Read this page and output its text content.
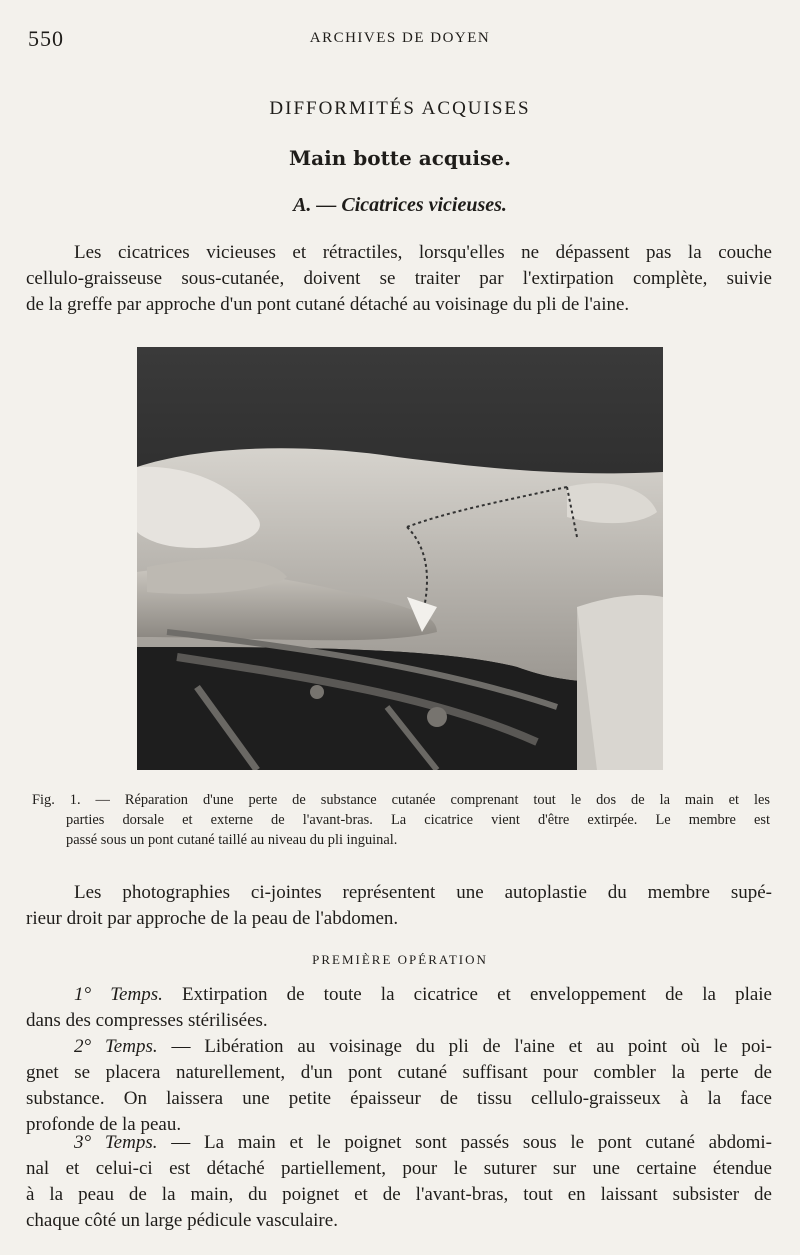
550	ARCHIVES DE DOYEN
DIFFORMITÉS ACQUISES
Main botte acquise.
A. — Cicatrices vicieuses.

Les cicatrices vicieuses et rétractiles, lorsqu'elles ne dépassent pas la couche
cellulo-graisseuse sous-cutanée, doivent se traiter par l'extirpation complète, suivie
de la greffe par approche d'un pont cutané détaché au voisinage du pli de l'aine.

Fig. 1. — Réparation d'une perte de substance cutanée comprenant tout le dos de la main et les
parties dorsale et externe de l'avant-bras. La cicatrice vient d'être extirpée. Le membre est
passé sous un pont cutané taillé au niveau du pli inguinal.

Les photographies ci-jointes représentent une autoplastie du membre supé-
rieur droit par approche de la peau de l'abdomen.

PREMIÈRE OPÉRATION

1° Temps. Extirpation de toute la cicatrice et enveloppement de la plaie
dans des compresses stérilisées.

2° Temps. — Libération au voisinage du pli de l'aine et au point où le poi-
gnet se placera naturellement, d'un pont cutané suffisant pour combler la perte de
substance. On laissera une petite épaisseur de tissu cellulo-graisseux à la face
profonde de la peau.

3° Temps. — La main et le poignet sont passés sous le pont cutané abdomi-
nal et celui-ci est détaché partiellement, pour le suturer sur une certaine étendue
à la peau de la main, du poignet et de l'avant-bras, tout en laissant subsister de
chaque côté un large pédicule vasculaire.
